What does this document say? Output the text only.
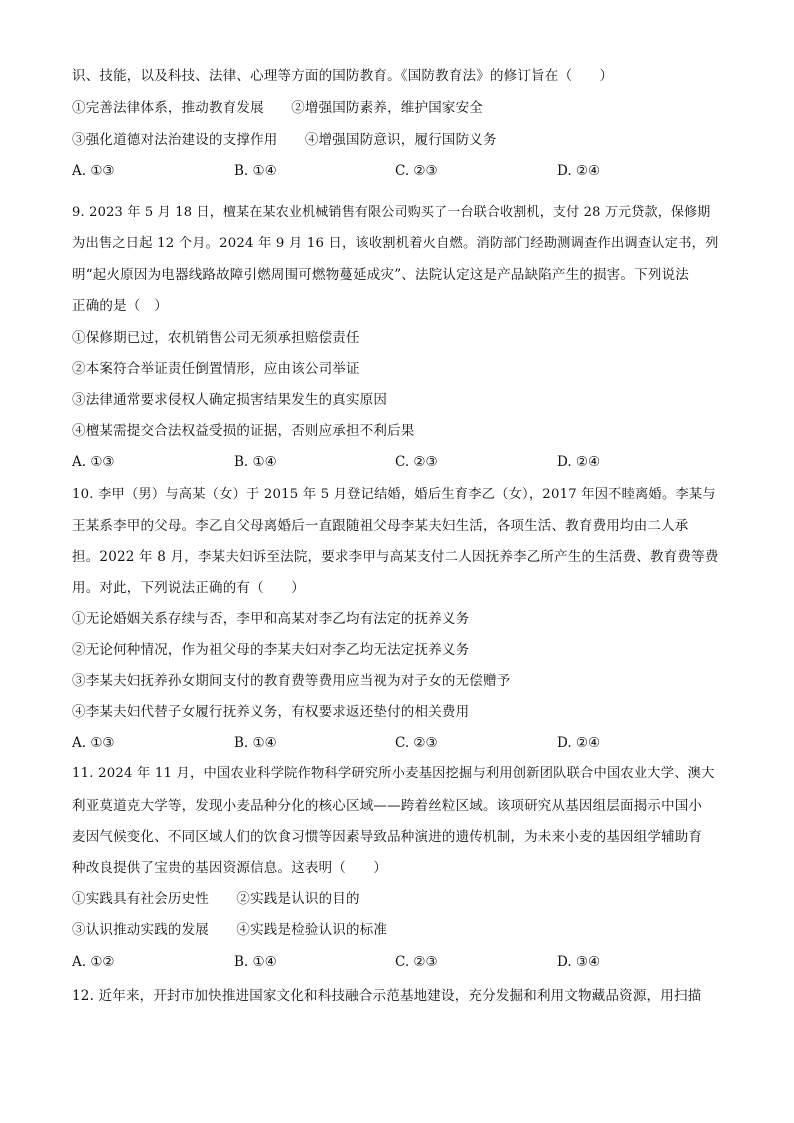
识、技能，以及科技、法律、心理等方面的国防教育。《国防教育法》的修订旨在（　　）
①完善法律体系，推动教育发展　　②增强国防素养，维护国家安全
③强化道德对法治建设的支撑作用　　④增强国防意识，履行国防义务
A. ①③	B. ①④	C. ②③	D. ②④
9. 2023 年 5 月 18 日，檀某在某农业机械销售有限公司购买了一台联合收割机，支付 28 万元贷款，保修期
为出售之日起 12 个月。2024 年 9 月 16 日，该收割机着火自燃。消防部门经勘测调查作出调查认定书，列
明“起火原因为电器线路故障引燃周围可燃物蔓延成灾”、法院认定这是产品缺陷产生的损害。下列说法
正确的是（　）
①保修期已过，农机销售公司无须承担赔偿责任
②本案符合举证责任倒置情形，应由该公司举证
③法律通常要求侵权人确定损害结果发生的真实原因
④檀某需提交合法权益受损的证据，否则应承担不利后果
A. ①③	B. ①④	C. ②③	D. ②④
10. 李甲（男）与高某（女）于 2015 年 5 月登记结婚，婚后生育李乙（女），2017 年因不睦离婚。李某与
王某系李甲的父母。李乙自父母离婚后一直跟随祖父母李某夫妇生活，各项生活、教育费用均由二人承
担。2022 年 8 月，李某夫妇诉至法院，要求李甲与高某支付二人因抚养李乙所产生的生活费、教育费等费
用。对此，下列说法正确的有（　　）
①无论婚姻关系存续与否，李甲和高某对李乙均有法定的抚养义务
②无论何种情况，作为祖父母的李某夫妇对李乙均无法定抚养义务
③李某夫妇抚养孙女期间支付的教育费等费用应当视为对子女的无偿赠予
④李某夫妇代替子女履行抚养义务，有权要求返还垫付的相关费用
A. ①③	B. ①④	C. ②③	D. ②④
11. 2024 年 11 月，中国农业科学院作物科学研究所小麦基因挖掘与利用创新团队联合中国农业大学、澳大
利亚莫道克大学等，发现小麦品种分化的核心区域——跨着丝粒区域。该项研究从基因组层面揭示中国小
麦因气候变化、不同区域人们的饮食习惯等因素导致品种演进的遗传机制，为未来小麦的基因组学辅助育
种改良提供了宝贵的基因资源信息。这表明（　　）
①实践具有社会历史性　　②实践是认识的目的
③认识推动实践的发展　　④实践是检验认识的标准
A. ①②	B. ①④	C. ②③	D. ③④
12. 近年来，开封市加快推进国家文化和科技融合示范基地建设，充分发掘和利用文物藏品资源，用扫描
